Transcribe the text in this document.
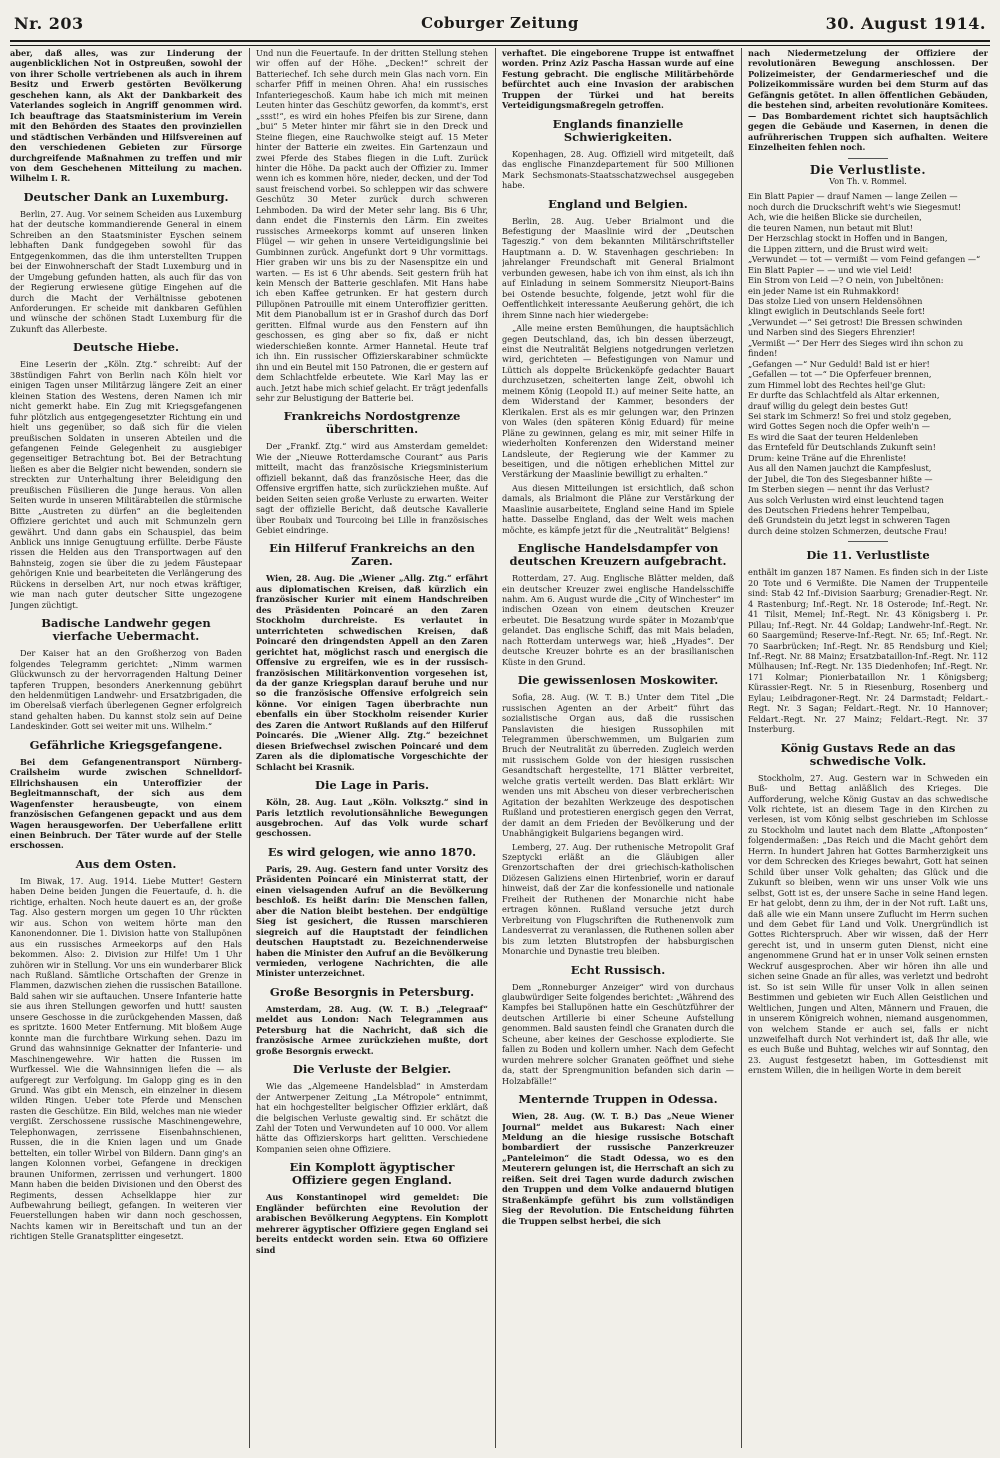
Nr. 203	Coburger Zeitung	30. August 1914.

aber, daß alles, was zur Linderung der augenblicklichen Not in Ostpreußen, sowohl der von ihrer Scholle vertriebenen als auch in ihrem Besitz und Erwerb gestörten Bevölkerung geschehen kann, als Akt der Dankbarkeit des Vaterlandes sogleich in Angriff genommen wird. Ich beauftrage das Staatsministerium im Verein mit den Behörden des Staates den provinziellen und städtischen Verbänden und Hilfsvereinen auf den verschiedenen Gebieten zur Fürsorge durchgreifende Maßnahmen zu treffen und mir von dem Geschehenen Mitteilung zu machen. Wilhelm I. R.

Deutscher Dank an Luxemburg.

Berlin, 27. Aug. Vor seinem Scheiden aus Luxemburg hat der deutsche kommandierende General in einem Schreiben an den Staatsminister Eyschen seinem lebhaften Dank fundgegeben sowohl für das Entgegenkommen, das die ihm unterstellten Truppen bei der Einwohnerschaft der Stadt Luxemburg und in der Umgebung gefunden hatten, als auch für das von der Regierung erwiesene gütige Eingehen auf die durch die Macht der Verhältnisse gebotenen Anforderungen. Er scheide mit dankbaren Gefühlen und wünsche der schönen Stadt Luxemburg für die Zukunft das Allerbeste.

Deutsche Hiebe.

Eine Leserin der „Köln. Ztg.“ schreibt: Auf der 38stündigen Fahrt von Berlin nach Köln hielt vor einigen Tagen unser Militärzug längere Zeit an einer kleinen Station des Westens, deren Namen ich mir nicht gemerkt habe. Ein Zug mit Kriegsgefangenen fuhr plötzlich aus entgegengesetzter Richtung ein und hielt uns gegenüber, so daß sich für die vielen preußischen Soldaten in unseren Abteilen und die gefangenen Feinde Gelegenheit zu ausgiebiger gegenseitiger Betrachtung bot. Bei der Betrachtung ließen es aber die Belgier nicht bewenden, sondern sie streckten zur Unterhaltung ihrer Beleidigung den preußischen Füsilieren die Junge heraus. Von allen Seiten wurde in unseren Militärabteilen die stürmische Bitte „Austreten zu dürfen“ an die begleitenden Offiziere gerichtet und auch mit Schmunzeln gern gewährt. Und dann gabs ein Schauspiel, das beim Anblick uns innige Genugtuung erfüllte. Derbe Fäuste rissen die Helden aus den Transportwagen auf den Bahnsteig, zogen sie über die zu jedem Fäustepaar gehörigen Knie und bearbeiteten die Verlängerung des Rückens in derselben Art, nur noch etwas kräftiger, wie man nach guter deutscher Sitte ungezogene Jungen züchtigt.

Badische Landwehr gegen vierfache Uebermacht.

Der Kaiser hat an den Großherzog von Baden folgendes Telegramm gerichtet: „Nimm warmen Glückwunsch zu der hervorragenden Haltung Deiner tapferen Truppen, besonders Anerkennung gebührt den heldenmütigen Landwehr- und Ersatzbrigaden, die im Oberelsaß vierfach überlegenen Gegner erfolgreich stand gehalten haben. Du kannst stolz sein auf Deine Landeskinder. Gott sei weiter mit uns. Wilhelm.“

Gefährliche Kriegsgefangene.

Bei dem Gefangenentransport Nürnberg-Crailsheim wurde zwischen Schnelldorf-Ellrichshausen ein Unteroffizier der Begleitmannschaft, der sich aus dem Wagenfenster herausbeugte, von einem französischen Gefangenen gepackt und aus dem Wagen herausgeworfen. Der Ueberfallene erlitt einen Beinbruch. Der Täter wurde auf der Stelle erschossen.

Aus dem Osten.

Im Biwak, 17. Aug. 1914. Liebe Mutter! Gestern haben Deine beiden Jungen die Feuertaufe, d. h. die richtige, erhalten. Noch heute dauert es an, der große Tag. Also gestern morgen um gegen 10 Uhr rückten wir aus. Schon von weitem hörte man den Kanonendonner. Die 1. Division hatte von Stallupönen aus ein russisches Armeekorps auf den Hals bekommen. Also: 2. Division zur Hilfe! Um 1 Uhr zuhören wir in Stellung. Vor uns ein wunderbarer Blick nach Rußland. Sämtliche Ortschaften der Grenze in Flammen, dazwischen ziehen die russischen Bataillone. Bald sahen wir sie auftauchen. Unsere Infanterie hatte sie aus ihren Stellungen geworfen und hutt! sausten unsere Geschosse in die zurückgehenden Massen, daß es spritzte. 1600 Meter Entfernung. Mit bloßem Auge konnte man die furchtbare Wirkung sehen. Dazu im Grund das wahnsinnige Geknatter der Infanterie- und Maschinengewehre. Wir hatten die Russen im Wurfkessel. Wie die Wahnsinnigen liefen die — als aufgeregt zur Verfolgung. Im Galopp ging es in den Grund. Was gibt ein Mensch, ein einzelner in diesem wilden Ringen. Ueber tote Pferde und Menschen rasten die Geschütze. Ein Bild, welches man nie wieder vergißt. Zerschossene russische Maschinengewehre, Telephonwagen, zerrissene Eisenbahnschienen, Russen, die in die Knien lagen und um Gnade bettelten, ein toller Wirbel von Bildern. Dann ging's an langen Kolonnen vorbei, Gefangene in dreckigen braunen Uniformen, zerrissen und verhungert. 1800 Mann haben die beiden Divisionen und den Oberst des Regiments, dessen Achselklappe hier zur Aufbewahrung beiliegt, gefangen. In weiteren vier Feuerstellungen haben wir dann noch geschossen, Nachts kamen wir in Bereitschaft und tun an der richtigen Stelle Granatsplitter eingesetzt.

Und nun die Feuertaufe. In der dritten Stellung stehen wir offen auf der Höhe. „Decken!“ schreit der Batteriechef. Ich sehe durch mein Glas nach vorn. Ein scharfer Pfiff in meinen Ohren. Aha! ein russisches Infanteriegeschoß. Kaum habe ich mich mit meinen Leuten hinter das Geschütz geworfen, da kommt's, erst „ssst!“, es wird ein hohes Pfeifen bis zur Sirene, dann „bui“ 5 Meter hinter mir fährt sie in den Dreck und Steine fliegen, eine Rauchwolke steigt auf. 15 Meter hinter der Batterie ein zweites. Ein Gartenzaun und zwei Pferde des Stabes fliegen in die Luft. Zurück hinter die Höhe. Da packt auch der Offizier zu. Immer wenn ich es kommen höre, nieder, decken, und der Tod saust freischend vorbei. So schleppen wir das schwere Geschütz 30 Meter zurück durch schweren Lehmboden. Da wird der Meter sehr lang. Bis 6 Uhr, dann endet die Finsternis den Lärm. Ein zweites russisches Armeekorps kommt auf unseren linken Flügel — wir gehen in unsere Verteidigungslinie bei Gumbinnen zurück. Angefunkt dort 9 Uhr vormittags. Hier graben wir uns bis zu der Nasenspitze ein und warten. — Es ist 6 Uhr abends. Seit gestern früh hat kein Mensch der Batterie geschlafen. Mit Hans habe ich eben Kaffee getrunken. Er hat gestern durch Pillupönen Patrouille mit einem Unteroffizier geritten. Mit dem Pianoballum ist er in Grashof durch das Dorf geritten. Elfmal wurde aus den Fenstern auf ihn geschossen, es ging aber so fix, daß er nicht wiederschießen konnte. Armer Hannetal. Heute traf ich ihn. Ein russischer Offizierskarabiner schmückte ihn und ein Beutel mit 150 Patronen, die er gestern auf dem Schlachtfelde erbeutete. Wie Karl May las er auch. Jetzt habe mich schief gelacht. Er trägt jedenfalls sehr zur Belustigung der Batterie bei.

Frankreichs Nordostgrenze überschritten.

Der „Frankf. Ztg.“ wird aus Amsterdam gemeldet: Wie der „Nieuwe Rotterdamsche Courant“ aus Paris mitteilt, macht das französische Kriegsministerium offiziell bekannt, daß das französische Heer, das die Offensive ergriffen hatte, sich zurückziehen mußte. Auf beiden Seiten seien große Verluste zu erwarten. Weiter sagt der offizielle Bericht, daß deutsche Kavallerie über Roubaix und Tourcoing bei Lille in französisches Gebiet eindringe.

Ein Hilferuf Frankreichs an den Zaren.

Wien, 28. Aug. Die „Wiener „Allg. Ztg.“ erfährt aus diplomatischen Kreisen, daß kürzlich ein französischer Kurier mit einem Handschreiben des Präsidenten Poincaré an den Zaren Stockholm durchreiste. Es verlautet in unterrichteten schwedischen Kreisen, daß Poincaré den dringendsten Appell an den Zaren gerichtet hat, möglichst rasch und energisch die Offensive zu ergreifen, wie es in der russisch-französischen Militärkonvention vorgesehen ist, da der ganze Kriegsplan darauf beruhe und nur so die französische Offensive erfolgreich sein könne. Vor einigen Tagen überbrachte nun ebenfalls ein über Stockholm reisender Kurier des Zaren die Antwort Rußlands auf den Hilferuf Poincarés. Die „Wiener Allg. Ztg.“ bezeichnet diesen Briefwechsel zwischen Poincaré und dem Zaren als die diplomatische Vorgeschichte der Schlacht bei Krasnik.

Die Lage in Paris.

Köln, 28. Aug. Laut „Köln. Volksztg.“ sind in Paris letztlich revolutionsähnliche Bewegungen ausgebrochen. Auf das Volk wurde scharf geschossen.

Es wird gelogen, wie anno 1870.

Paris, 29. Aug. Gestern fand unter Vorsitz des Präsidenten Poincaré ein Ministerrat statt, der einen vielsagenden Aufruf an die Bevölkerung beschloß. Es heißt darin: Die Menschen fallen, aber die Nation bleibt bestehen. Der endgültige Sieg ist gesichert, die Russen marschieren siegreich auf die Hauptstadt der feindlichen deutschen Hauptstadt zu. Bezeichnenderweise haben die Minister den Aufruf an die Bevölkerung vermieden, verlogene Nachrichten, die alle Minister unterzeichnet.

Große Besorgnis in Petersburg.

Amsterdam, 28. Aug. (W. T. B.) „Telegraaf“ meldet aus London: Nach Telegrammen aus Petersburg hat die Nachricht, daß sich die französische Armee zurückziehen mußte, dort große Besorgnis erweckt.

Die Verluste der Belgier.

Wie das „Algemeene Handelsblad“ in Amsterdam der Antwerpener Zeitung „La Métropole“ entnimmt, hat ein hochgestellter belgischer Offizier erklärt, daß die belgischen Verluste gewaltig sind. Er schätzt die Zahl der Toten und Verwundeten auf 10 000. Vor allem hätte das Offizierskorps hart gelitten. Verschiedene Kompanien seien ohne Offiziere.

Ein Komplott ägyptischer Offiziere gegen England.

Aus Konstantinopel wird gemeldet: Die Engländer befürchten eine Revolution der arabischen Bevölkerung Aegyptens. Ein Komplott mehrerer ägyptischer Offiziere gegen England sei bereits entdeckt worden sein. Etwa 60 Offiziere sind

verhaftet. Die eingeborene Truppe ist entwaffnet worden. Prinz Aziz Pascha Hassan wurde auf eine Festung gebracht. Die englische Militärbehörde befürchtet auch eine Invasion der arabischen Truppen der Türkei und hat bereits Verteidigungsmaßregeln getroffen.

Englands finanzielle Schwierigkeiten.

Kopenhagen, 28. Aug. Offiziell wird mitgeteilt, daß das englische Finanzdepartement für 500 Millionen Mark Sechsmonats-Staatsschatzwechsel ausgegeben habe.

England und Belgien.

Berlin, 28. Aug. Ueber Brialmont und die Befestigung der Maaslinie wird der „Deutschen Tageszig.“ von dem bekannten Militärschriftsteller Hauptmann a. D. W. Stavenhagen geschrieben: In jahrelanger Freundschaft mit General Brialmont verbunden gewesen, habe ich von ihm einst, als ich ihn auf Einladung in seinem Sommersitz Nieuport-Bains bei Ostende besuchte, folgende, jetzt wohl für die Oeffentlichkeit interessante Aeußerung gehört, die ich ihrem Sinne nach hier wiedergebe:

„Alle meine ersten Bemühungen, die hauptsächlich gegen Deutschland, das, ich bin dessen überzeugt, einst die Neutralität Belgiens notgedrungen verletzen wird, gerichteten — Befestigungen von Namur und Lüttich als doppelte Brückenköpfe gedachter Bauart durchzusetzen, scheiterten lange Zeit, obwohl ich meinem König (Leopold II.) auf meiner Seite hatte, an dem Widerstand der Kammer, besonders der Klerikalen. Erst als es mir gelungen war, den Prinzen von Wales (den späteren König Eduard) für meine Pläne zu gewinnen, gelang es mir, mit seiner Hilfe in wiederholten Konferenzen den Widerstand meiner Landsleute, der Regierung wie der Kammer zu beseitigen, und die nötigen erheblichen Mittel zur Verstärkung der Maaslinie bewilligt zu erhalten.“

Aus diesen Mitteilungen ist ersichtlich, daß schon damals, als Brialmont die Pläne zur Verstärkung der Maaslinie ausarbeitete, England seine Hand im Spiele hatte. Dasselbe England, das der Welt weis machen möchte, es kämpfe jetzt für die „Neutralität“ Belgiens!

Englische Handelsdampfer von deutschen Kreuzern aufgebracht.

Rotterdam, 27. Aug. Englische Blätter melden, daß ein deutscher Kreuzer zwei englische Handelsschiffe nahm. Am 6. August wurde die „City of Winchester“ im indischen Ozean von einem deutschen Kreuzer erbeutet. Die Besatzung wurde später in Mozamb'que gelandet. Das englische Schiff, das mit Mais beladen, nach Rotterdam unterwegs war, hieß „Hyades“. Der deutsche Kreuzer bohrte es an der brasilianischen Küste in den Grund.

Die gewissenlosen Moskowiter.

Sofia, 28. Aug. (W. T. B.) Unter dem Titel „Die russischen Agenten an der Arbeit“ führt das sozialistische Organ aus, daß die russischen Panslavisten die hiesigen Russophilen mit Telegrammen überschwemmen, um Bulgarien zum Bruch der Neutralität zu überreden. Zugleich werden mit russischem Golde von der hiesigen russischen Gesandtschaft hergestellte, 171 Blätter verbreitet, welche gratis verteilt werden. Das Blatt erklärt: Wir wenden uns mit Abscheu von dieser verbrecherischen Agitation der bezahlten Werkzeuge des despotischen Rußland und protestieren energisch gegen den Verrat, der damit an dem Frieden der Bevölkerung und der Unabhängigkeit Bulgariens begangen wird.

Lemberg, 27. Aug. Der ruthenische Metropolit Graf Szeptycki erläßt an die Gläubigen aller Grenzortschaften der drei griechisch-katholischen Diözesen Galiziens einen Hirtenbrief, worin er darauf hinweist, daß der Zar die konfessionelle und nationale Freiheit der Ruthenen der Monarchie nicht habe ertragen können. Rußland versuche jetzt durch Verbreitung von Flugschriften die Ruthenenvolk zum Landesverrat zu veranlassen, die Ruthenen sollen aber bis zum letzten Blutstropfen der habsburgischen Monarchie und Dynastie treu bleiben.

Echt Russisch.

Dem „Ronneburger Anzeiger“ wird von durchaus glaubwürdiger Seite folgendes berichtet: „Während des Kampfes bei Stallupönen hatte ein Geschützführer der deutschen Artillerie bi einer Scheune Aufstellung genommen. Bald sausten feindl che Granaten durch die Scheune, aber keines der Geschosse explodierte. Sie fallen zu Boden und kollern umher. Nach dem Gefecht wurden mehrere solcher Granaten geöffnet und siehe da, statt der Sprengmunition befanden sich darin — Holzabfälle!“

Menternde Truppen in Odessa.

Wien, 28. Aug. (W. T. B.) Das „Neue Wiener Journal“ meldet aus Bukarest: Nach einer Meldung an die hiesige russische Botschaft bombardiert der russische Panzerkreuzer „Panteleimon“ die Stadt Odessa, wo es den Meuterern gelungen ist, die Herrschaft an sich zu reißen. Seit drei Tagen wurde dadurch zwischen den Truppen und dem Volke andauernd blutigen Straßenkämpfe geführt bis zum vollständigen Sieg der Revolution. Die Entscheidung führten die Truppen selbst herbei, die sich

nach Niedermetzelung der Offiziere der revolutionären Bewegung anschlossen. Der Polizeimeister, der Gendarmerieschef und die Polizeikommissäre wurden bei dem Sturm auf das Gefängnis getötet. In allen öffentlichen Gebäuden, die bestehen sind, arbeiten revolutionäre Komitees. — Das Bombardement richtet sich hauptsächlich gegen die Gebäude und Kasernen, in denen die aufrührerischen Truppen sich aufhalten. Weitere Einzelheiten fehlen noch.

Die Verlustliste.
Von Th. v. Rommel.

Ein Blatt Papier — drauf Namen — lange Zeilen —

noch durch die Druckschrift weht's wie Siegesmut!

Ach, wie die heißen Blicke sie durcheilen,

die teuren Namen, nun betaut mit Blut!

Der Herzschlag stockt in Hoffen und in Bangen,

die Lippen zittern, und die Brust wird weit:

„Verwundet — tot — vermißt — vom Feind gefangen —“

Ein Blatt Papier — — und wie viel Leid!

Ein Strom von Leid —? O nein, von Jubeltönen:

ein jeder Name ist ein Ruhmakkord!

Das stolze Lied von unsern Heldensöhnen

klingt ewiglich in Deutschlands Seele fort!

„Verwundet —“ Sei getrost! Die Bressen schwinden

und Narben sind des Siegers Ehrenzier!

„Vermißt —“ Der Herr des Sieges wird ihn schon zu finden!

„Gefangen —“ Nur Geduld! Bald ist er hier!

„Gefallen — tot —“ Die Opferfeuer brennen,

zum Himmel lobt des Rechtes heil'ge Glut:

Er durfte das Schlachtfeld als Altar erkennen,

drauf willig du gelegt dein bestes Gut!

Sei stark im Schmerz! So frei und stolz gegeben,

wird Gottes Segen noch die Opfer weih'n —

Es wird die Saat der teuren Heldenleben

das Erntefeld für Deutschlands Zukunft sein!

Drum: keine Träne auf die Ehrenliste!

Aus all den Namen jauchzt die Kampfeslust,

der Jubel, die Ton des Siegesbanner hißte —

Im Sterben siegen — nennt ihr das Verlust?

Aus solch Verlusten wird einst leuchtend tagen

des Deutschen Friedens hehrer Tempelbau,

deß Grundstein du jetzt legst in schweren Tagen

durch deine stolzen Schmerzen, deutsche Frau!

Die 11. Verlustliste

enthält im ganzen 187 Namen. Es finden sich in der Liste 20 Tote und 6 Vermißte. Die Namen der Truppenteile sind: Stab 42 Inf.-Division Saarburg; Grenadier-Regt. Nr. 4 Rastenburg; Inf.-Regt. Nr. 18 Osterode; Inf.-Regt. Nr. 41 Tilsit, Memel; Inf.-Regt. Nr. 43 Königsberg i. Pr. Pillau; Inf.-Regt. Nr. 44 Goldap; Landwehr-Inf.-Regt. Nr. 60 Saargemünd; Reserve-Inf.-Regt. Nr. 65; Inf.-Regt. Nr. 70 Saarbrücken; Inf.-Regt. Nr. 85 Rendsburg und Kiel; Inf.-Regt. Nr. 88 Mainz; Ersatzbataillon-Inf.-Regt. Nr. 112 Mülhausen; Inf.-Regt. Nr. 135 Diedenhofen; Inf.-Regt. Nr. 171 Kolmar; Pionierbataillon Nr. 1 Königsberg; Kürassier-Regt. Nr. 5 in Riesenburg, Rosenberg und Eylau; Leibdragoner-Regt. Nr. 24 Darmstadt; Feldart.-Regt. Nr. 3 Sagan; Feldart.-Regt. Nr. 10 Hannover; Feldart.-Regt. Nr. 27 Mainz; Feldart.-Regt. Nr. 37 Insterburg.

König Gustavs Rede an das schwedische Volk.

Stockholm, 27. Aug. Gestern war in Schweden ein Buß- und Bettag anläßlich des Krieges. Die Aufforderung, welche König Gustav an das schwedische Volk richtete, ist an diesem Tage in den Kirchen zu verlesen, ist vom König selbst geschrieben im Schlosse zu Stockholm und lautet nach dem Blatte „Aftonposten“ folgendermaßen: „Das Reich und die Macht gehört dem Herrn. In hundert Jahren hat Gottes Barmherzigkeit uns vor dem Schrecken des Krieges bewahrt, Gott hat seinen Schild über unser Volk gehalten; das Glück und die Zukunft so bleiben, wenn wir uns unser Volk wie uns selbst, Gott ist es, der unsere Sache in seine Hand legen. Er hat gelobt, denn zu ihm, der in der Not ruft. Laßt uns, daß alle wie ein Mann unsere Zuflucht im Herrn suchen und dem Gebet für Land und Volk. Unergründlich ist Gottes Richterspruch. Aber wir wissen, daß der Herr gerecht ist, und in unserm guten Dienst, nicht eine angenommene Grund hat er in unser Volk seinen ernsten Weckruf ausgesprochen. Aber wir hören ihn alle und sichen seine Gnade an für alles, was verletzt und bedroht ist. So ist sein Wille für unser Volk in allen seinen Bestimmen und gebieten wir Euch Allen Geistlichen und Weltlichen, Jungen und Alten, Männern und Frauen, die in unserem Königreich wohnen, niemand ausgenommen, von welchem Stande er auch sei, falls er nicht unzweifelhaft durch Not verhindert ist, daß Ihr alle, wie es euch Buße und Buhtag, welches wir auf Sonntag, den 23. August festgesetzt haben, im Gottesdienst mit ernstem Willen, die in heiligen Worte in dem bereit
